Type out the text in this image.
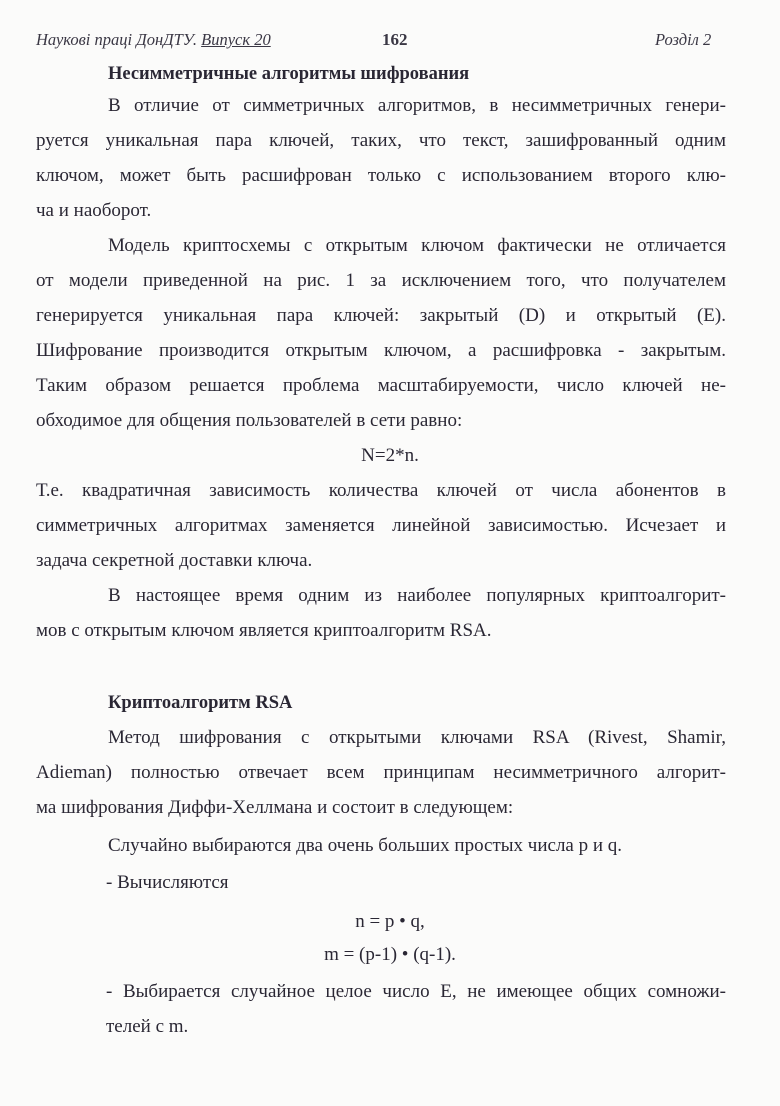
Наукові праці ДонДТУ. Випуск 20	162	Розділ 2
Несимметричные алгоритмы шифрования
В отличие от симметричных алгоритмов, в несимметричных генери-
руется уникальная пара ключей, таких, что текст, зашифрованный одним
ключом, может быть расшифрован только с использованием второго клю-
ча и наоборот.
Модель криптосхемы с открытым ключом фактически не отличается
от модели приведенной на рис. 1 за исключением того, что получателем
генерируется уникальная пара ключей: закрытый (D) и открытый (E).
Шифрование производится открытым ключом, а расшифровка - закрытым.
Таким образом решается проблема масштабируемости, число ключей не-
обходимое для общения пользователей в сети равно:
N=2*n.
Т.е. квадратичная зависимость количества ключей от числа абонентов в
симметричных алгоритмах заменяется линейной зависимостью. Исчезает и
задача секретной доставки ключа.
В настоящее время одним из наиболее популярных криптоалгорит-
мов с открытым ключом является криптоалгоритм RSA.
Криптоалгоритм RSA
Метод шифрования с открытыми ключами RSA (Rivest, Shamir,
Adieman) полностью отвечает всем принципам несимметричного алгорит-
ма шифрования Диффи-Хеллмана и состоит в следующем:
Случайно выбираются два очень больших простых числа p и q.
- Вычисляются
n = p • q,
m = (p-1) • (q-1).
- Выбирается случайное целое число E, не имеющее общих сомножи-
телей с m.
